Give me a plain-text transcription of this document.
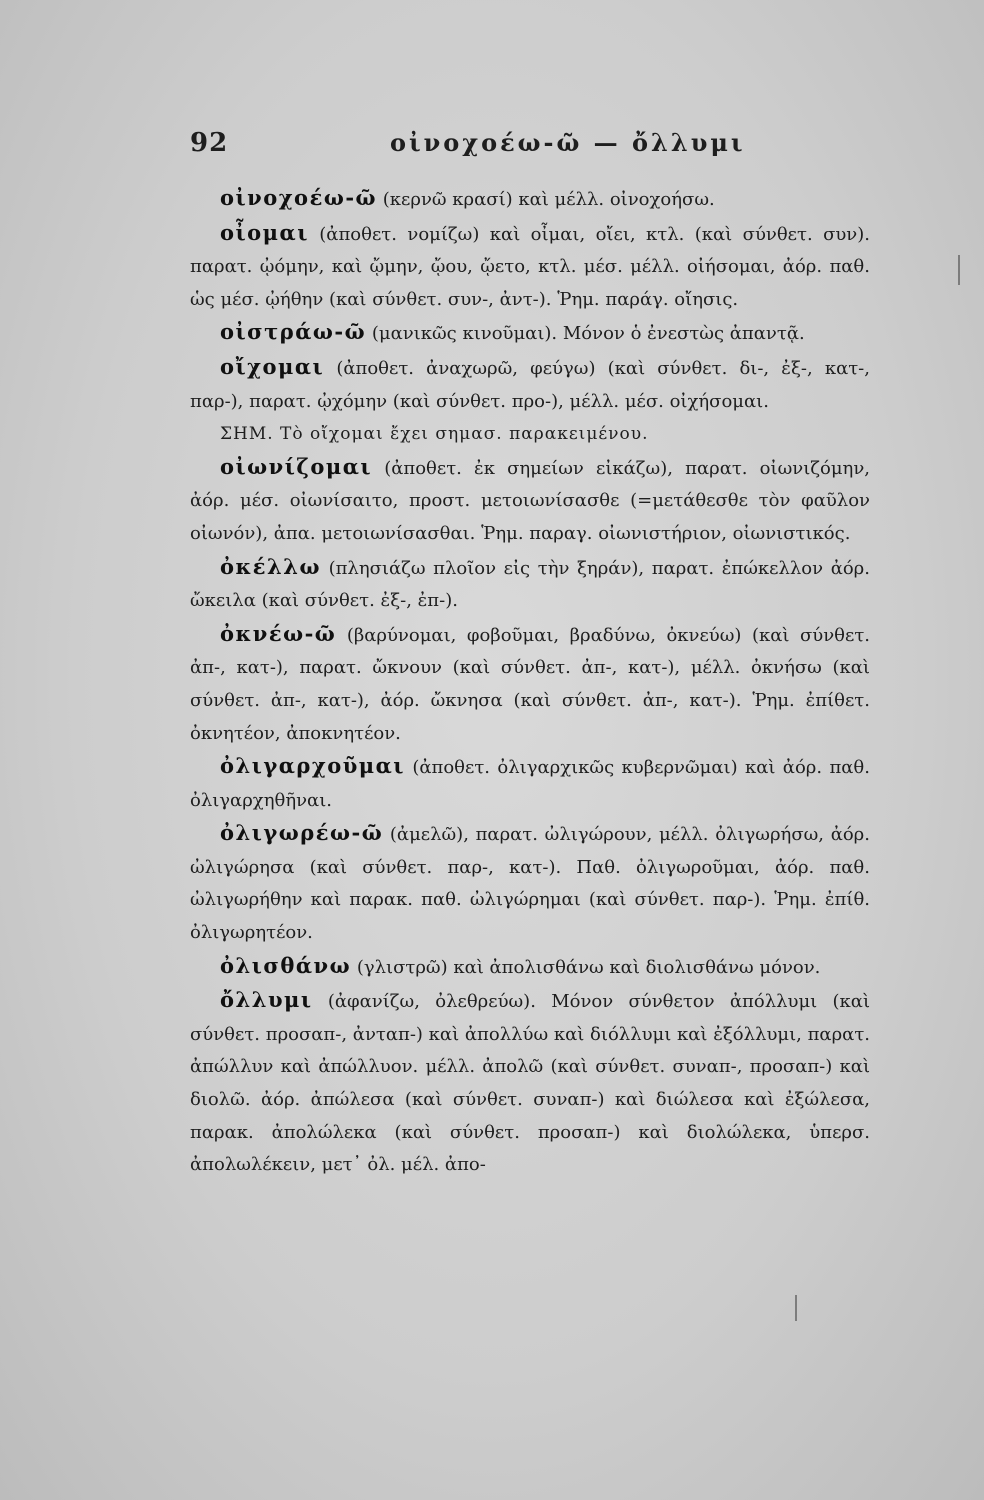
92	οἰνοχοέω-ῶ — ὄλλυμι

οἰνοχοέω-ῶ (κερνῶ κρασί) καὶ μέλλ. οἰνοχοήσω.

οἶομαι (ἀποθετ. νομίζω) καὶ οἶμαι, οἴει, κτλ. (καὶ σύνθετ. συν). παρατ. ᾠόμην, καὶ ᾤμην, ᾤου, ᾤετο, κτλ. μέσ. μέλλ. οἰήσομαι, ἀόρ. παθ. ὡς μέσ. ᾠήθην (καὶ σύνθετ. συν-, ἀντ-). Ῥημ. παράγ. οἴησις.

οἰστράω-ῶ (μανικῶς κινοῦμαι). Μόνον ὁ ἐνεστὼς ἀπαντᾷ.

οἴχομαι (ἀποθετ. ἀναχωρῶ, φεύγω) (καὶ σύνθετ. δι-, ἐξ-, κατ-, παρ-), παρατ. ᾠχόμην (καὶ σύνθετ. προ-), μέλλ. μέσ. οἰχήσομαι.

ΣΗΜ. Τὸ οἴχομαι ἔχει σημασ. παρακειμένου.

οἰωνίζομαι (ἀποθετ. ἐκ σημείων εἰκάζω), παρατ. οἰωνιζόμην, ἀόρ. μέσ. οἰωνίσαιτο, προστ. μετοιωνίσασθε (=μετάθεσθε τὸν φαῦλον οἰωνόν), ἀπα. μετοιωνίσασθαι. Ῥημ. παραγ. οἰωνιστήριον, οἰωνιστικός.

ὀκέλλω (πλησιάζω πλοῖον εἰς τὴν ξηράν), παρατ. ἐπώκελλον ἀόρ. ὤκειλα (καὶ σύνθετ. ἐξ-, ἐπ-).

ὀκνέω-ῶ (βαρύνομαι, φοβοῦμαι, βραδύνω, ὀκνεύω) (καὶ σύνθετ. ἀπ-, κατ-), παρατ. ὤκνουν (καὶ σύνθετ. ἀπ-, κατ-), μέλλ. ὀκνήσω (καὶ σύνθετ. ἀπ-, κατ-), ἀόρ. ὤκνησα (καὶ σύνθετ. ἀπ-, κατ-). Ῥημ. ἐπίθετ. ὀκνητέον, ἀποκνητέον.

ὀλιγαρχοῦμαι (ἀποθετ. ὀλιγαρχικῶς κυβερνῶμαι) καὶ ἀόρ. παθ. ὀλιγαρχηθῆναι.

ὀλιγωρέω-ῶ (ἀμελῶ), παρατ. ὠλιγώρουν, μέλλ. ὀλιγωρήσω, ἀόρ. ὠλιγώρησα (καὶ σύνθετ. παρ-, κατ-). Παθ. ὀλιγωροῦμαι, ἀόρ. παθ. ὠλιγωρήθην καὶ παρακ. παθ. ὠλιγώρημαι (καὶ σύνθετ. παρ-). Ῥημ. ἐπίθ. ὀλιγωρητέον.

ὀλισθάνω (γλιστρῶ) καὶ ἀπολισθάνω καὶ διολισθάνω μόνον.

ὄλλυμι (ἀφανίζω, ὀλεθρεύω). Μόνον σύνθετον ἀπόλλυμι (καὶ σύνθετ. προσαπ-, ἀνταπ-) καὶ ἀπολλύω καὶ διόλλυμι καὶ ἐξόλλυμι, παρατ. ἀπώλλυν καὶ ἀπώλλυον. μέλλ. ἀπολῶ (καὶ σύνθετ. συναπ-, προσαπ-) καὶ διολῶ. ἀόρ. ἀπώλεσα (καὶ σύνθετ. συναπ-) καὶ διώλεσα καὶ ἐξώλεσα, παρακ. ἀπολώλεκα (καὶ σύνθετ. προσαπ-) καὶ διολώλεκα, ὑπερσ. ἀπολωλέκειν, μετ᾽ ὀλ. μέλ. ἀπο-
